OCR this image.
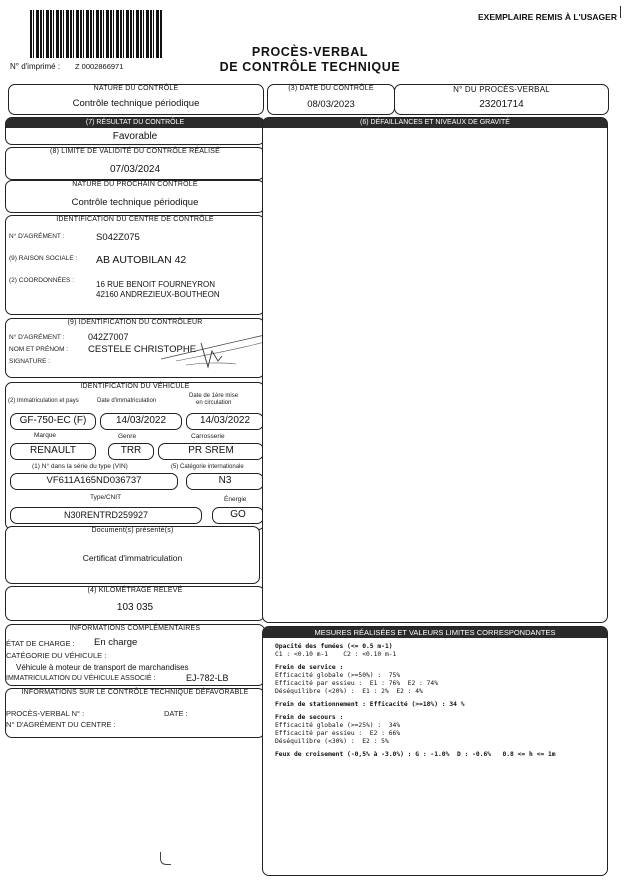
N° d'imprimé : Z 0002866971
EXEMPLAIRE REMIS À L'USAGER
PROCÈS-VERBAL
DE CONTRÔLE TECHNIQUE
NATURE DU CONTRÔLE
Contrôle technique périodique
(3) DATE DU CONTRÔLE
08/03/2023
N° DU PROCÈS-VERBAL
23201714
(7) RÉSULTAT DU CONTRÔLE
Favorable
(8) LIMITE DE VALIDITÉ DU CONTRÔLE RÉALISÉ
07/03/2024
NATURE DU PROCHAIN CONTRÔLE
Contrôle technique périodique
IDENTIFICATION DU CENTRE DE CONTRÔLE
N° D'AGRÉMENT :	S042Z075
(9) RAISON SOCIALE : AB AUTOBILAN 42
(2) COORDONNÉES :	16 RUE BENOIT FOURNEYRON
42160 ANDREZIEUX-BOUTHEON
(9) IDENTIFICATION DU CONTRÔLEUR
N° D'AGRÉMENT :	042Z7007
NOM ET PRÉNOM : CESTELE CHRISTOPHE
SIGNATURE :
IDENTIFICATION DU VÉHICULE
(2) Immatriculation et pays	Date d'immatriculation
Date de 1ère mise
en circulation
GF-750-EC (F)	14/03/2022	14/03/2022
Marque	Genre	Carrosserie
RENAULT	TRR	PR SREM
(1) N° dans la série du type (VIN)	(5) Catégorie internationale
VF611A165ND036737	N3
Type/CNIT	Énergie
N30RENTRD259927	GO
Document(s) présenté(s)
Certificat d'immatriculation
(4) KILOMÉTRAGE RELEVÉ
103 035
INFORMATIONS COMPLÉMENTAIRES
ÉTAT DE CHARGE : En charge
CATÉGORIE DU VÉHICULE :
Véhicule à moteur de transport de marchandises
IMMATRICULATION DU VÉHICULE ASSOCIÉ :	EJ-782-LB
INFORMATIONS SUR LE CONTRÔLE TECHNIQUE DÉFAVORABLE
PROCÈS-VERBAL N° :	DATE :
N° D'AGRÉMENT DU CENTRE :
(6) DÉFAILLANCES ET NIVEAUX DE GRAVITÉ
MESURES RÉALISÉES ET VALEURS LIMITES CORRESPONDANTES
Opacité des fumées (<= 0.5 m-1)
C1 : <0.10 m-1    C2 : <0.10 m-1
Frein de service :
Efficacité globale (>=50%) :  75%
Efficacité par essieu :  E1 : 76%  E2 : 74%
Déséquilibre (<20%) :  E1 : 2%  E2 : 4%
Frein de stationnement : Efficacité (>=18%) : 34 %
Frein de secours :
Efficacité globale (>=25%) :  34%
Efficacité par essieu :  E2 : 66%
Déséquilibre (<30%) :  E2 : 5%
Feux de croisement (-0,5% à -3.0%) : G : -1.0%  D : -0.6%   0.8 <= h <= 1m
